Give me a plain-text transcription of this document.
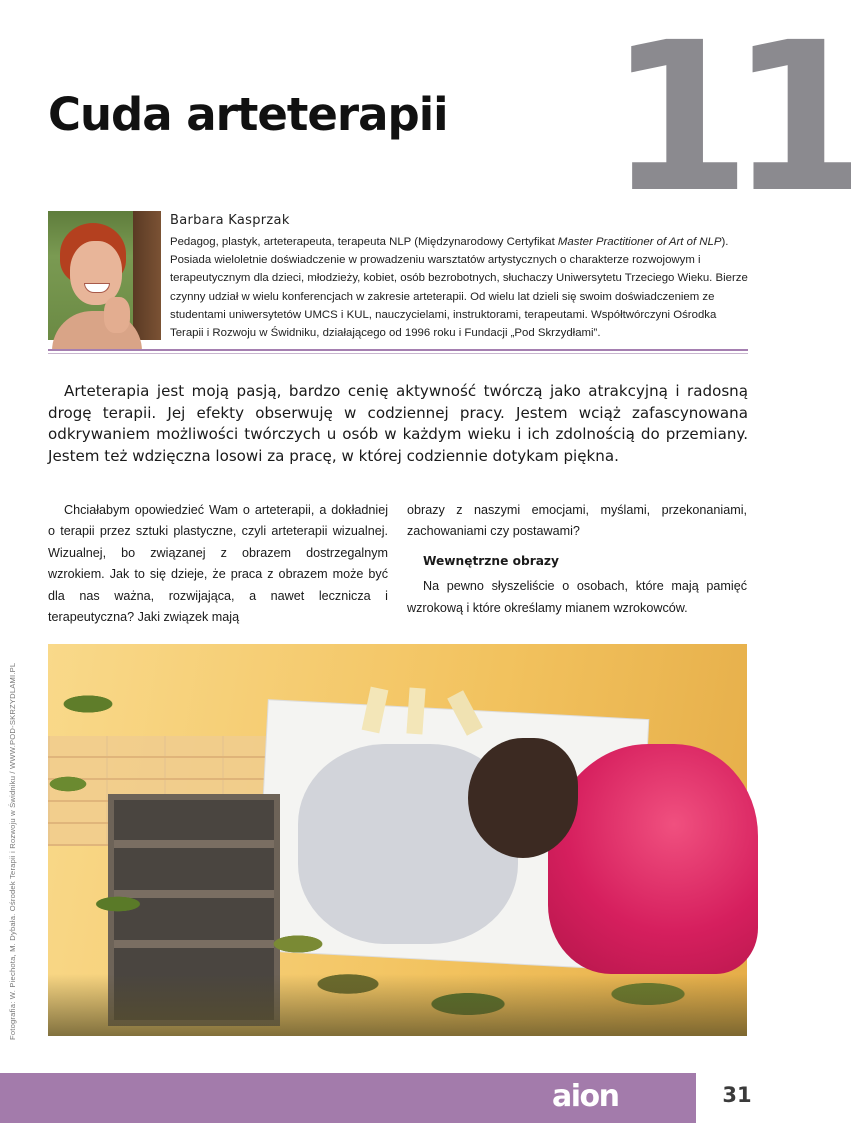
11
Cuda arteterapii
Barbara Kasprzak

Pedagog, plastyk, arteterapeuta, terapeuta NLP (Międzynarodowy Certyfikat Master Practitioner of Art of NLP). Posiada wieloletnie doświadczenie w prowadzeniu warsztatów artystycznych o charakterze rozwojowym i terapeutycznym dla dzieci, młodzieży, kobiet, osób bezrobotnych, słuchaczy Uniwersytetu Trzeciego Wieku. Bierze czynny udział w wielu konferencjach w zakresie arteterapii. Od wielu lat dzieli się swoim doświadczeniem ze studentami uniwersytetów UMCS i KUL, nauczycielami, instruktorami, terapeutami. Współtwórczyni Ośrodka Terapii i Rozwoju w Świdniku, działającego od 1996 roku i Fundacji „Pod Skrzydłami”.

Arteterapia jest moją pasją, bardzo cenię aktywność twórczą jako atrakcyjną i radosną drogę terapii. Jej efekty obserwuję w codziennej pracy. Jestem wciąż zafascynowana odkrywaniem możliwości twórczych u osób w każdym wieku i ich zdolnością do przemiany. Jestem też wdzięczna losowi za pracę, w której codziennie dotykam piękna.

Chciałabym opowiedzieć Wam o arteterapii, a dokładniej o terapii przez sztuki plastyczne, czyli arteterapii wizualnej. Wizualnej, bo związanej z obrazem dostrzegalnym wzrokiem. Jak to się dzieje, że praca z obrazem może być dla nas ważna, rozwijająca, a nawet lecznicza i terapeutyczna? Jaki związek mają

obrazy z naszymi emocjami, myślami, przekonaniami, zachowaniami czy postawami?

Wewnętrzne obrazy

Na pewno słyszeliście o osobach, które mają pamięć wzrokową i które określamy mianem wzrokowców.

Fotografia: W. Piechota, M. Dybała. Ośrodek Terapii i Rozwoju w Świdniku / WWW.POD-SKRZYDLAMI.PL
aion	31
